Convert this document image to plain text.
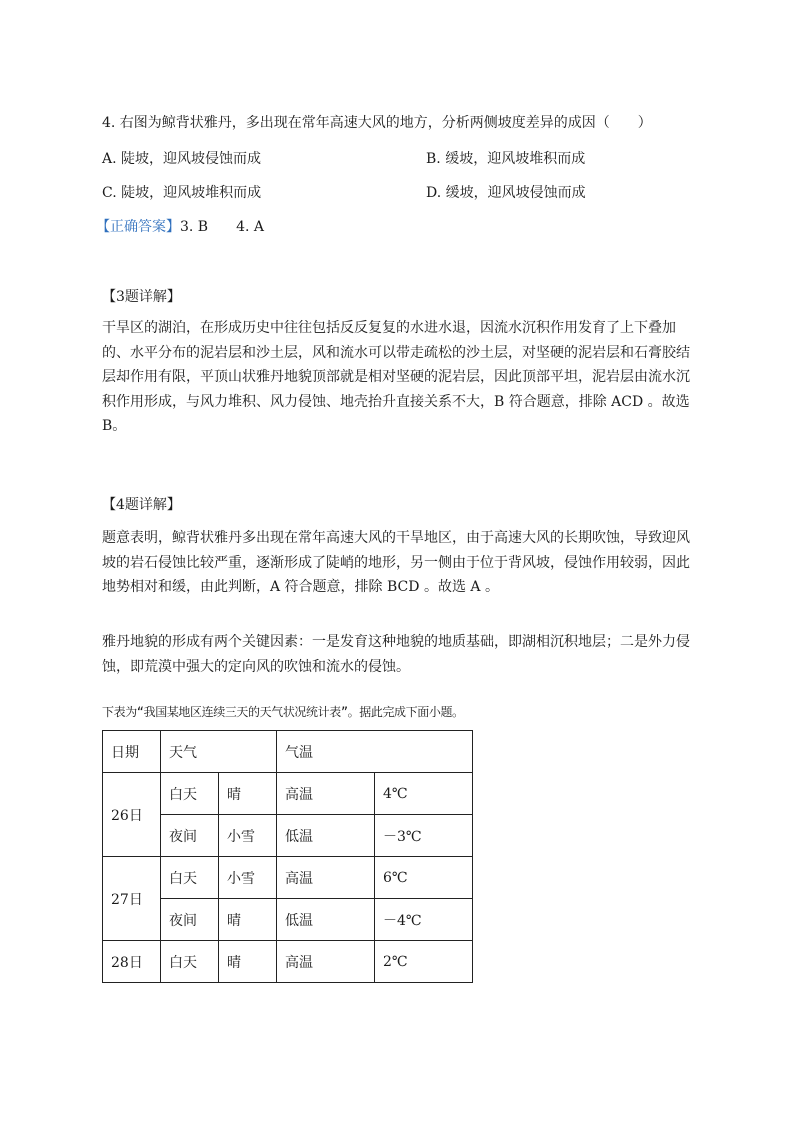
4. 右图为鲸背状雅丹，多出现在常年高速大风的地方，分析两侧坡度差异的成因（　　）
A. 陡坡，迎风坡侵蚀而成	B. 缓坡，迎风坡堆积而成
C. 陡坡，迎风坡堆积而成	D. 缓坡，迎风坡侵蚀而成
【正确答案】3. B　　4. A
【3题详解】
干旱区的湖泊，在形成历史中往往包括反反复复的水进水退，因流水沉积作用发育了上下叠加的、水平分布的泥岩层和沙土层，风和流水可以带走疏松的沙土层，对坚硬的泥岩层和石膏胶结层却作用有限，平顶山状雅丹地貌顶部就是相对坚硬的泥岩层，因此顶部平坦，泥岩层由流水沉积作用形成，与风力堆积、风力侵蚀、地壳抬升直接关系不大，B 符合题意，排除 ACD 。故选B。
【4题详解】
题意表明，鲸背状雅丹多出现在常年高速大风的干旱地区，由于高速大风的长期吹蚀，导致迎风坡的岩石侵蚀比较严重，逐渐形成了陡峭的地形，另一侧由于位于背风坡，侵蚀作用较弱，因此地势相对和缓，由此判断，A 符合题意，排除 BCD 。故选 A 。
雅丹地貌的形成有两个关键因素：一是发育这种地貌的地质基础，即湖相沉积地层；二是外力侵蚀，即荒漠中强大的定向风的吹蚀和流水的侵蚀。
下表为“我国某地区连续三天的天气状况统计表”。据此完成下面小题。
日期	天气		气温	
26日	白天	晴	高温	4℃
	夜间	小雪	低温	－3℃
27日	白天	小雪	高温	6℃
	夜间	晴	低温	－4℃
28日	白天	晴	高温	2℃
